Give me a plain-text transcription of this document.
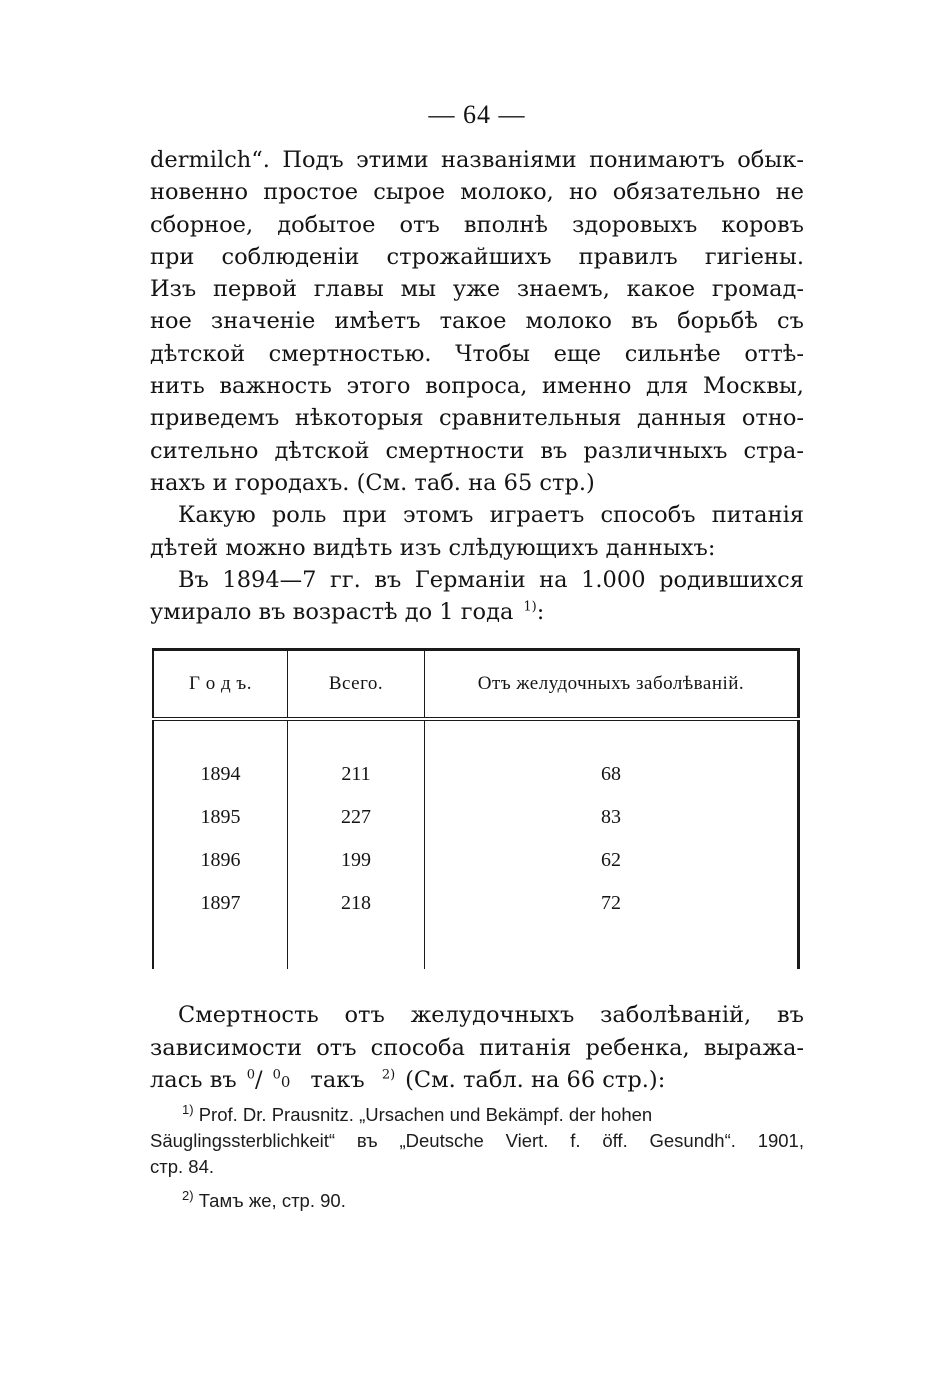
— 64 —
dermilch“. Подъ этими названіями понимаютъ обык-
новенно простое сырое молоко, но обязательно не
сборное, добытое отъ вполнѣ здоровыхъ коровъ
при соблюденіи строжайшихъ правилъ гигіены.
Изъ первой главы мы уже знаемъ, какое громад-
ное значеніе имѣетъ такое молоко въ борьбѣ съ
дѣтской смертностью. Чтобы еще сильнѣе оттѣ-
нить важность этого вопроса, именно для Москвы,
приведемъ нѣкоторыя сравнительныя данныя отно-
сительно дѣтской смертности въ различныхъ стра-
нахъ и городахъ. (См. таб. на 65 стр.)
Какую роль при этомъ играетъ способъ питанія
дѣтей можно видѣть изъ слѣдующихъ данныхъ:
Въ 1894—7 гг. въ Германіи на 1.000 родившихся
умирало въ возрастѣ до 1 года $^{1)}$:
Г о д ъ.	Всего.	Отъ желудочныхъ заболѣваній.

1894	211	68
1895	227	83
1896	199	62
1897	218	72

Смертность отъ желудочныхъ заболѣваній, въ
зависимости отъ способа питанія ребенка, выража-
лась въ $^0$/ $^0$0 такъ $^{2)}$ (См. табл. на 66 стр.):
$^{1)}$ Prof. Dr. Prausnitz. „Ursachen und Bekämpf. der hohen
Säuglingssterblichkeit“ въ „Deutsche Viert. f. öff. Gesundh“. 1901,
стр. 84.
$^{2)}$ Тамъ же, стр. 90.
